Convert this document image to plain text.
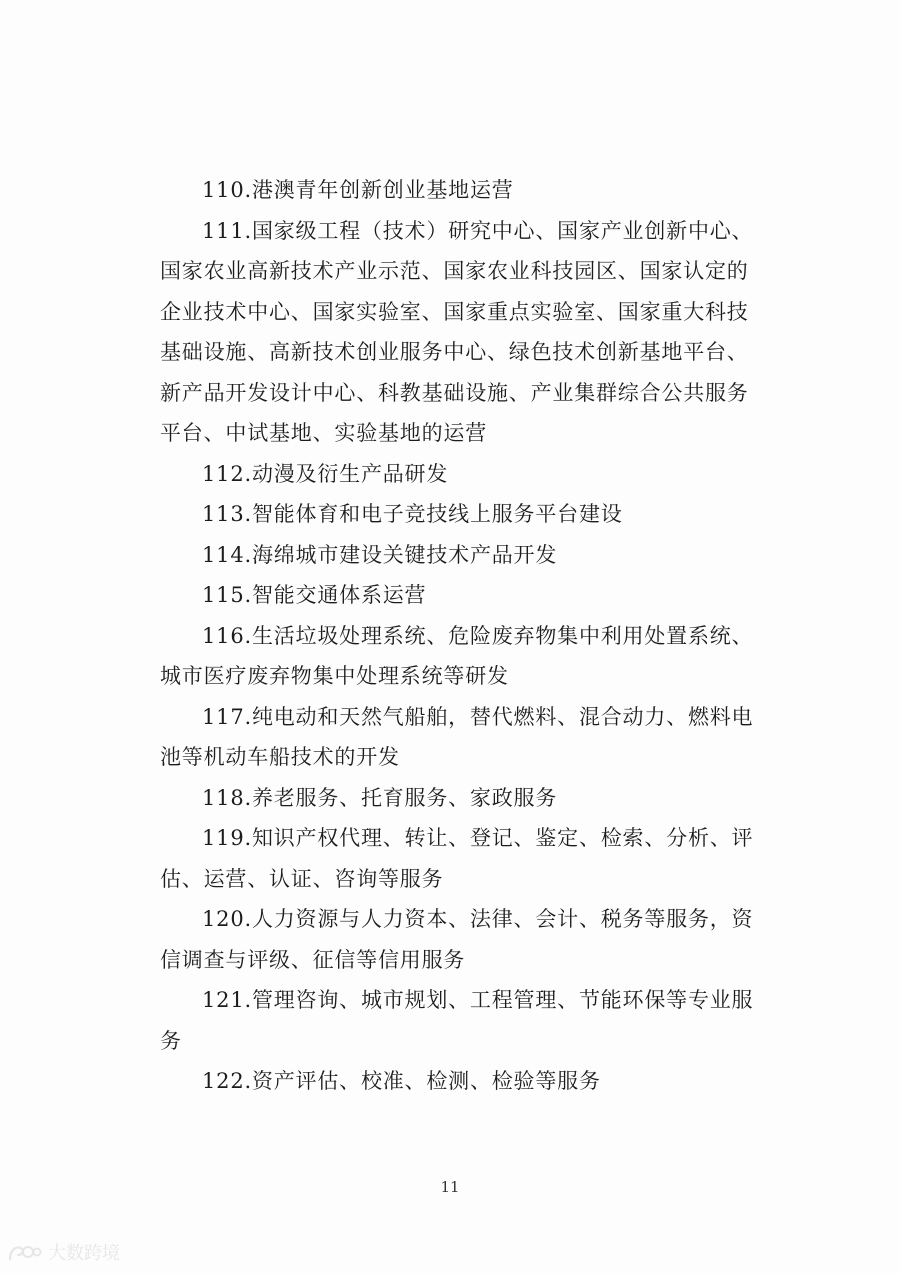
110.港澳青年创新创业基地运营

111.国家级工程（技术）研究中心、国家产业创新中心、国家农业高新技术产业示范、国家农业科技园区、国家认定的企业技术中心、国家实验室、国家重点实验室、国家重大科技基础设施、高新技术创业服务中心、绿色技术创新基地平台、新产品开发设计中心、科教基础设施、产业集群综合公共服务平台、中试基地、实验基地的运营

112.动漫及衍生产品研发

113.智能体育和电子竞技线上服务平台建设

114.海绵城市建设关键技术产品开发

115.智能交通体系运营

116.生活垃圾处理系统、危险废弃物集中利用处置系统、城市医疗废弃物集中处理系统等研发

117.纯电动和天然气船舶，替代燃料、混合动力、燃料电池等机动车船技术的开发

118.养老服务、托育服务、家政服务

119.知识产权代理、转让、登记、鉴定、检索、分析、评估、运营、认证、咨询等服务

120.人力资源与人力资本、法律、会计、税务等服务，资信调查与评级、征信等信用服务

121.管理咨询、城市规划、工程管理、节能环保等专业服务

122.资产评估、校准、检测、检验等服务

11
大数跨境
